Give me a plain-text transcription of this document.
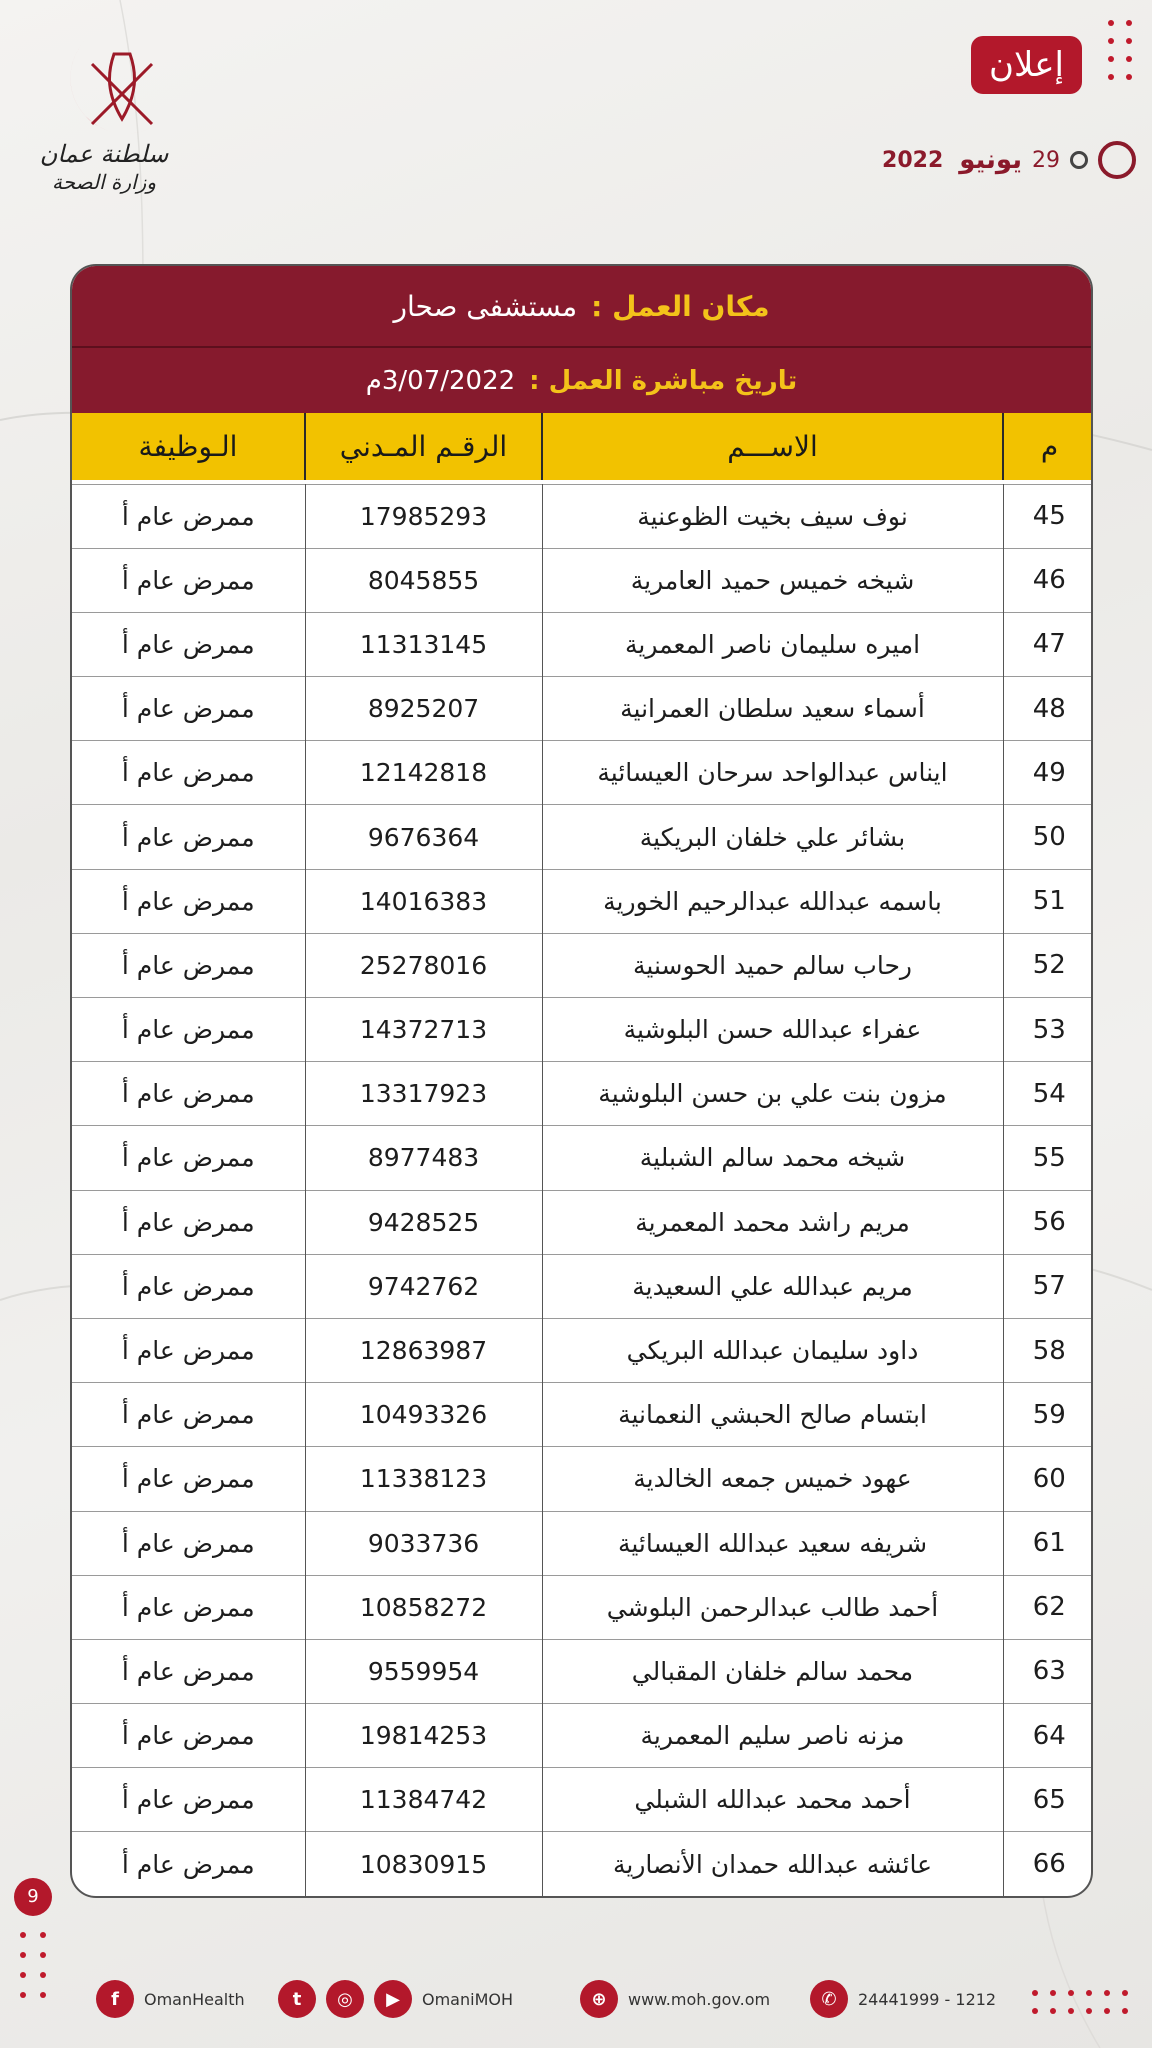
سلطنة عمان
وزارة الصحة
إعلان
29
يونيو
2022
مكان العمل :
مستشفى صحار
تاريخ مباشرة العمل :
3/07/2022م
م	الاســـم	الرقـم المـدني	الـوظيفة

45	نوف سيف بخيت الظوعنية	17985293	ممرض عام أ
46	شيخه خميس حميد العامرية	8045855	ممرض عام أ
47	اميره سليمان ناصر المعمرية	11313145	ممرض عام أ
48	أسماء سعيد سلطان العمرانية	8925207	ممرض عام أ
49	ايناس عبدالواحد سرحان العيسائية	12142818	ممرض عام أ
50	بشائر علي خلفان البريكية	9676364	ممرض عام أ
51	باسمه عبدالله عبدالرحيم الخورية	14016383	ممرض عام أ
52	رحاب سالم حميد الحوسنية	25278016	ممرض عام أ
53	عفراء عبدالله حسن البلوشية	14372713	ممرض عام أ
54	مزون بنت علي بن حسن البلوشية	13317923	ممرض عام أ
55	شيخه محمد سالم الشبلية	8977483	ممرض عام أ
56	مريم راشد محمد المعمرية	9428525	ممرض عام أ
57	مريم عبدالله علي السعيدية	9742762	ممرض عام أ
58	داود سليمان عبدالله البريكي	12863987	ممرض عام أ
59	ابتسام صالح الحبشي النعمانية	10493326	ممرض عام أ
60	عهود خميس جمعه الخالدية	11338123	ممرض عام أ
61	شريفه سعيد عبدالله العيسائية	9033736	ممرض عام أ
62	أحمد طالب عبدالرحمن البلوشي	10858272	ممرض عام أ
63	محمد سالم خلفان المقبالي	9559954	ممرض عام أ
64	مزنه ناصر سليم المعمرية	19814253	ممرض عام أ
65	أحمد محمد عبدالله الشبلي	11384742	ممرض عام أ
66	عائشه عبدالله حمدان الأنصارية	10830915	ممرض عام أ
9
f	OmanHealth	t	◎	▶	OmaniMOH	⊕	www.moh.gov.om	✆	24441999 - 1212
